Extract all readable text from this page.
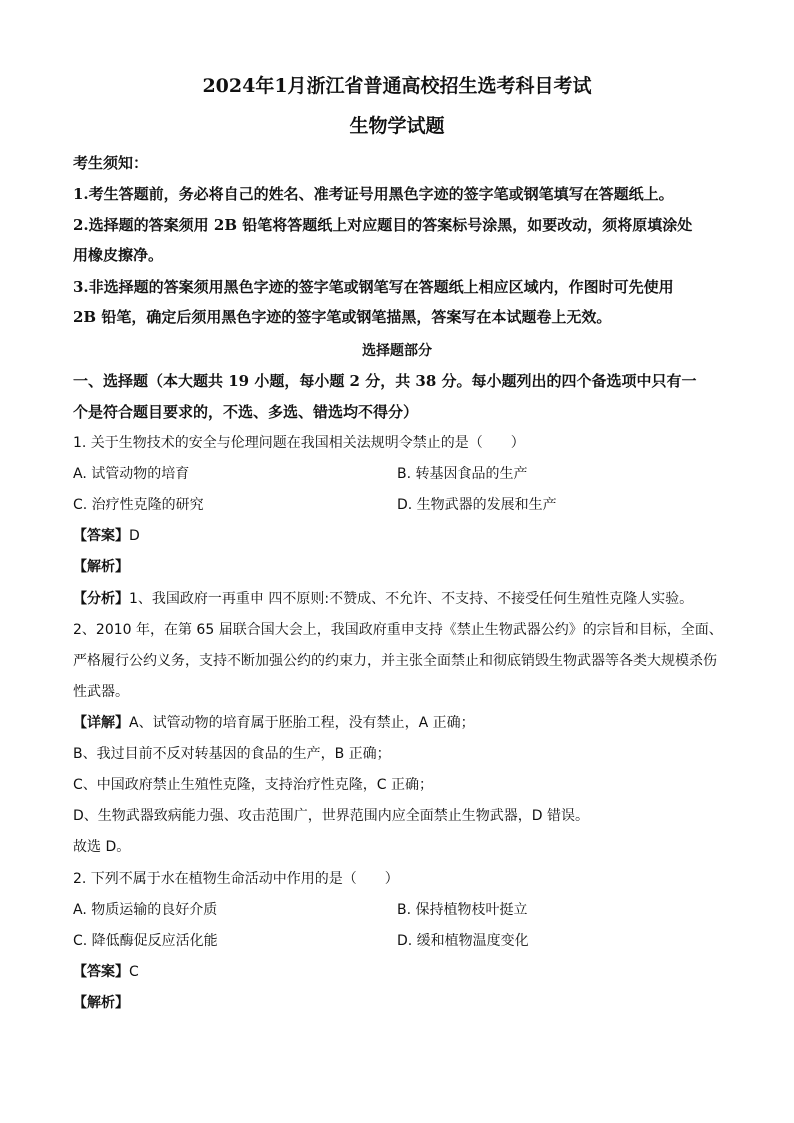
2024年1月浙江省普通高校招生选考科目考试
生物学试题
考生须知：
1.考生答题前，务必将自己的姓名、准考证号用黑色字迹的签字笔或钢笔填写在答题纸上。
2.选择题的答案须用 2B 铅笔将答题纸上对应题目的答案标号涂黑，如要改动，须将原填涂处
用橡皮擦净。
3.非选择题的答案须用黑色字迹的签字笔或钢笔写在答题纸上相应区域内，作图时可先使用
2B 铅笔，确定后须用黑色字迹的签字笔或钢笔描黑，答案写在本试题卷上无效。
选择题部分
一、选择题（本大题共 19 小题，每小题 2 分，共 38 分。每小题列出的四个备选项中只有一
个是符合题目要求的，不选、多选、错选均不得分）
1. 关于生物技术的安全与伦理问题在我国相关法规明令禁止的是（　　）
A. 试管动物的培育	B. 转基因食品的生产
C. 治疗性克隆的研究	D. 生物武器的发展和生产
【答案】D
【解析】
【分析】1、我国政府一再重申 四不原则:不赞成、不允许、不支持、不接受任何生殖性克隆人实验。
2、2010 年，在第 65 届联合国大会上，我国政府重申支持《禁止生物武器公约》的宗旨和目标，全面、
严格履行公约义务，支持不断加强公约的约束力，并主张全面禁止和彻底销毁生物武器等各类大规模杀伤
性武器。
【详解】A、试管动物的培育属于胚胎工程，没有禁止，A 正确；
B、我过目前不反对转基因的食品的生产，B 正确；
C、中国政府禁止生殖性克隆，支持治疗性克隆，C 正确；
D、生物武器致病能力强、攻击范围广，世界范围内应全面禁止生物武器，D 错误。
故选 D。
2. 下列不属于水在植物生命活动中作用的是（　　）
A. 物质运输的良好介质	B. 保持植物枝叶挺立
C. 降低酶促反应活化能	D. 缓和植物温度变化
【答案】C
【解析】
